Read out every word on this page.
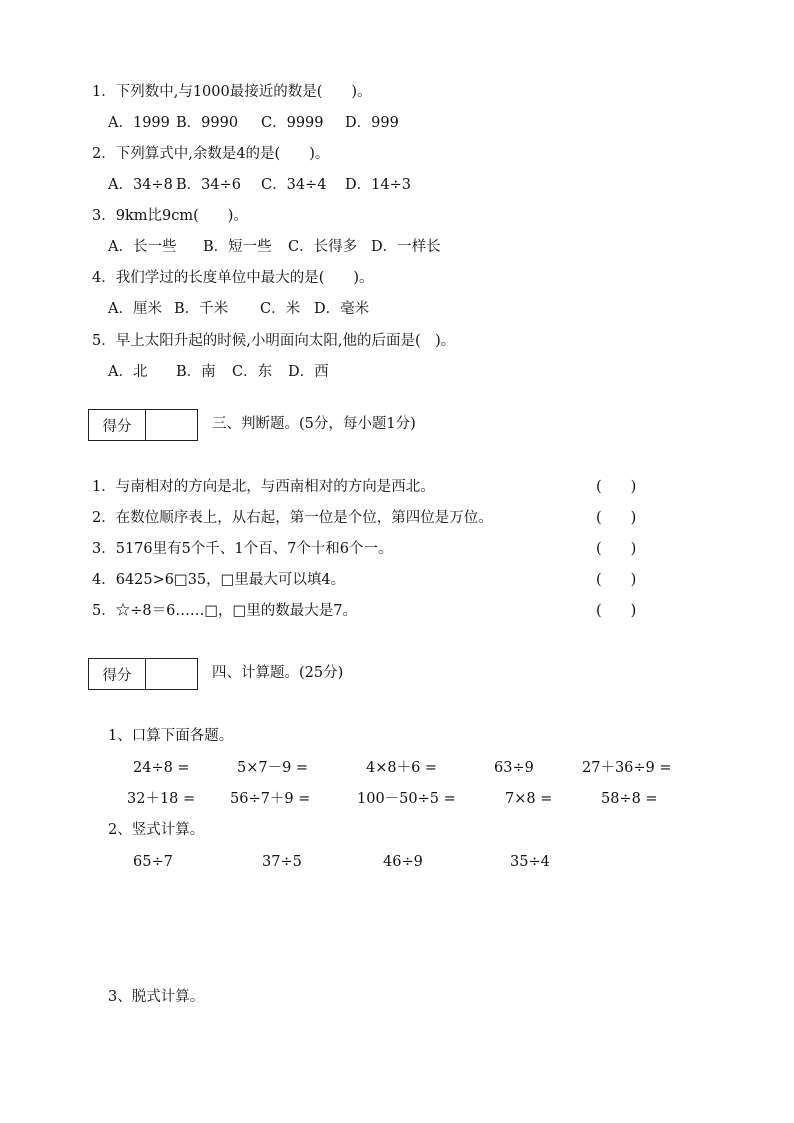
1．下列数中,与1000最接近的数是(　　)。
A．1999 B．9990 C．9999 D．999
2．下列算式中,余数是4的是(　　)。
A．34÷8 B．34÷6 C．34÷4 D．14÷3
3．9km比9cm(　　)。
A．长一些 B．短一些 C．长得多 D．一样长
4．我们学过的长度单位中最大的是(　　)。
A．厘米 B．千米 C．米 D．毫米
5．早上太阳升起的时候,小明面向太阳,他的后面是(　)。
A．北 B．南 C．东 D．西
得分	三、判断题。(5分，每小题1分)
1．与南相对的方向是北，与西南相对的方向是西北。	(　　)
2．在数位顺序表上，从右起，第一位是个位，第四位是万位。	(　　)
3．5176里有5个千、1个百、7个十和6个一。	(　　)
4．6425>6□35，□里最大可以填4。	(　　)
5．☆÷8＝6……□，□里的数最大是7。	(　　)
得分	四、计算题。(25分)
1、口算下面各题。
24÷8 =	5×7－9 =	4×8＋6 =	63÷9	27＋36÷9 =
32＋18 = 56÷7＋9 =	100－50÷5 =	7×8 =	58÷8 =
2、竖式计算。
65÷7	37÷5	46÷9	35÷4
3、脱式计算。
